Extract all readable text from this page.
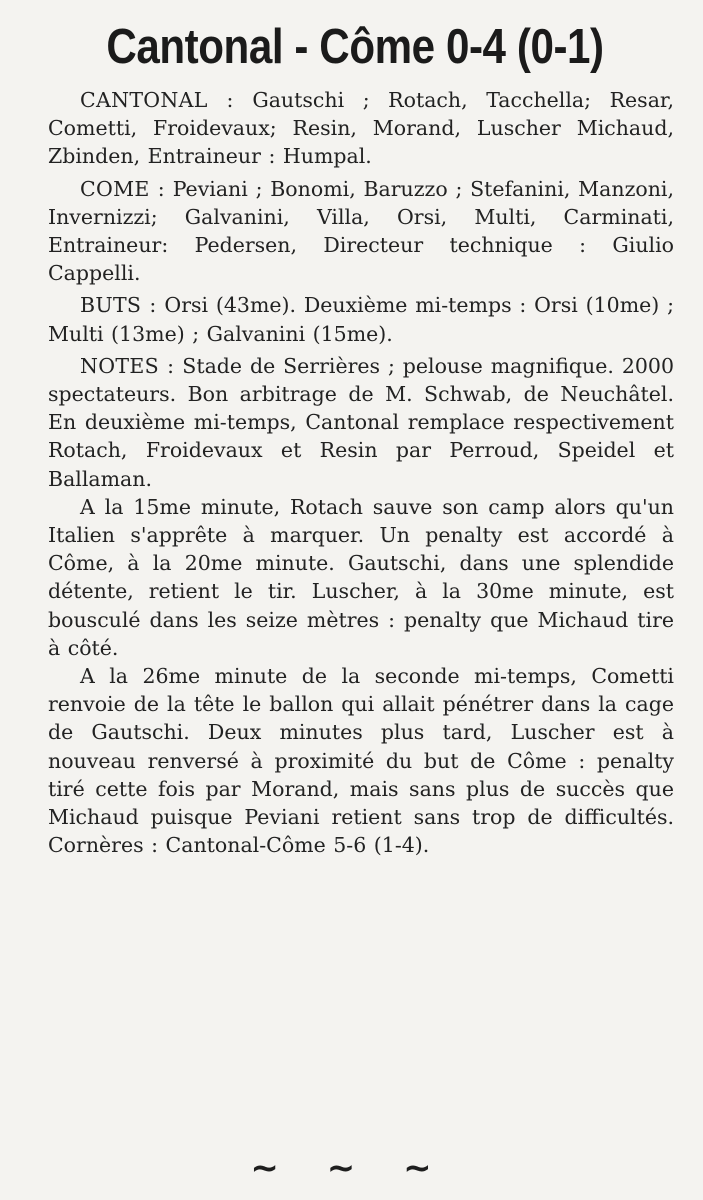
Cantonal - Côme 0-4 (0-1)

CANTONAL : Gautschi ; Rotach, Tacchella; Resar, Cometti, Froidevaux; Resin, Morand, Luscher Michaud, Zbinden, Entraineur : Humpal.

COME : Peviani ; Bonomi, Baruzzo ; Stefanini, Manzoni, Invernizzi; Galvanini, Villa, Orsi, Multi, Carminati, Entraineur: Pedersen, Directeur technique : Giulio Cappelli.

BUTS : Orsi (43me). Deuxième mi-temps : Orsi (10me) ; Multi (13me) ; Galvanini (15me).

NOTES : Stade de Serrières ; pelouse magnifique. 2000 spectateurs. Bon arbitrage de M. Schwab, de Neuchâtel. En deuxième mi-temps, Cantonal remplace respectivement Rotach, Froidevaux et Resin par Perroud, Speidel et Ballaman.

A la 15me minute, Rotach sauve son camp alors qu'un Italien s'apprête à marquer. Un penalty est accordé à Côme, à la 20me minute. Gautschi, dans une splendide détente, retient le tir. Luscher, à la 30me minute, est bousculé dans les seize mètres : penalty que Michaud tire à côté.

A la 26me minute de la seconde mi-temps, Cometti renvoie de la tête le ballon qui allait pénétrer dans la cage de Gautschi. Deux minutes plus tard, Luscher est à nouveau renversé à proximité du but de Côme : penalty tiré cette fois par Morand, mais sans plus de succès que Michaud puisque Peviani retient sans trop de difficultés. Cornères : Cantonal-Côme 5-6 (1-4).

~ ~ ~
